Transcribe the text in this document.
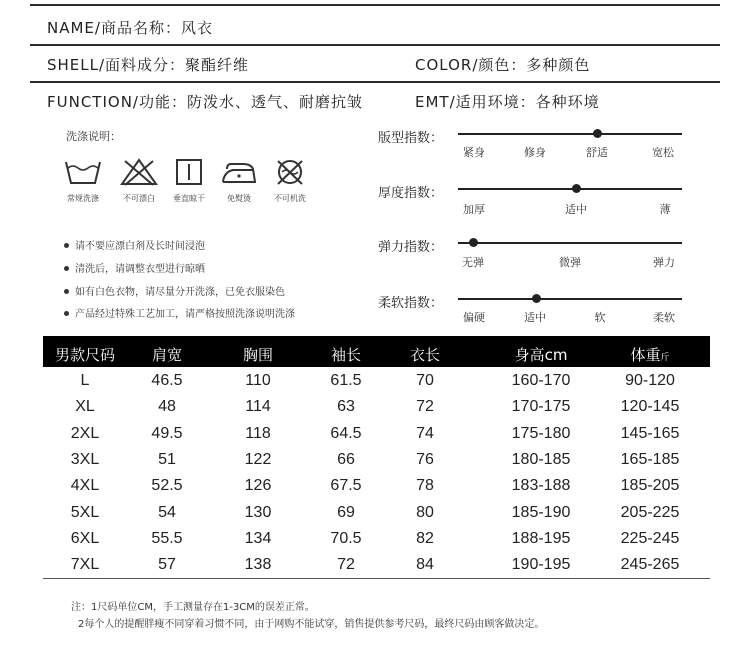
NAME/商品名称：风衣
SHELL/面料成分：聚酯纤维	COLOR/颜色：多种颜色
FUNCTION/功能：防泼水、透气、耐磨抗皱	EMT/适用环境：各种环境
洗涤说明：
常规洗涤	不可漂白	垂直晾干	免熨烫	不可机洗
请不要应漂白剂及长时间浸泡
清洗后，请调整衣型进行晾晒
如有白色衣物，请尽量分开洗涤，已免衣服染色
产品经过特殊工艺加工，请严格按照洗涤说明洗涤
版型指数：
紧身	修身	舒适	宽松
厚度指数：
加厚	适中	薄
弹力指数：
无弹	微弹	弹力
柔软指数：
偏硬	适中	软	柔软
男款尺码 肩宽	胸围	袖长	衣长	身高cm	体重斤
L	46.5	110	61.5	70	160-170	90-120
XL	48	114	63	72	170-175	120-145
2XL	49.5	118	64.5	74	175-180	145-165
3XL	51	122	66	76	180-185	165-185
4XL	52.5	126	67.5	78	183-188	185-205
5XL	54	130	69	80	185-190	205-225
6XL	55.5	134	70.5	82	188-195	225-245
7XL	57	138	72	84	190-195	245-265
注：1尺码单位CM，手工测量存在1-3CM的误差正常。
2每个人的提醒胖瘦不同穿着习惯不同，由于网购不能试穿，销售提供参考尺码，最终尺码由顾客做决定。
